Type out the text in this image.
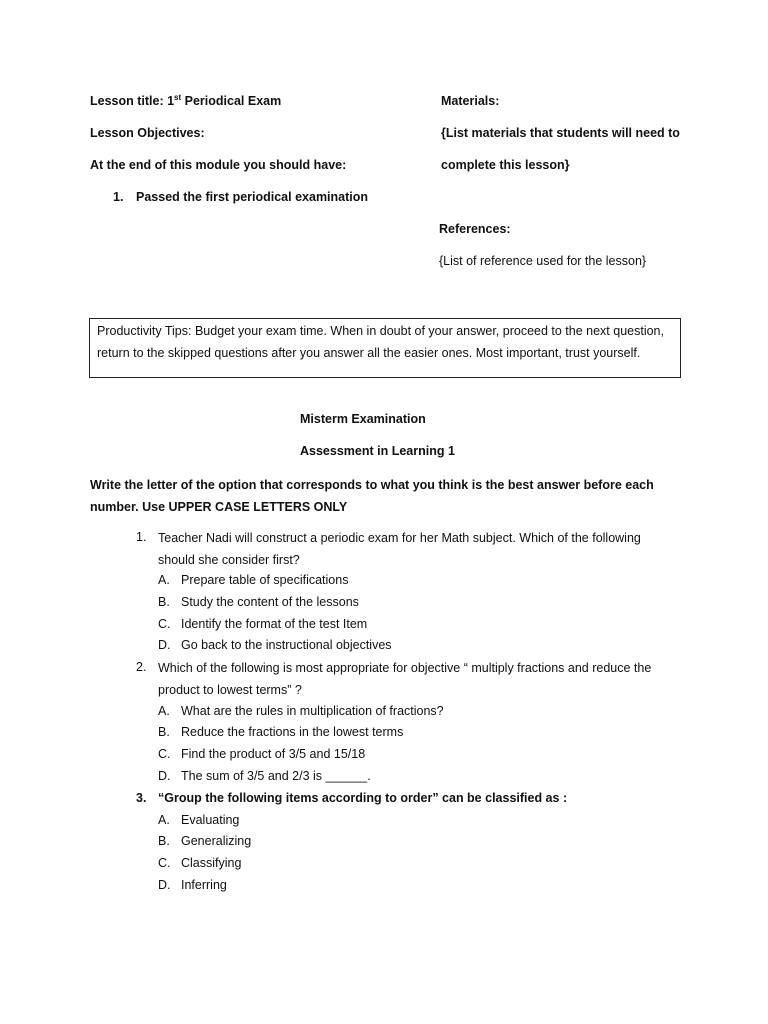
Lesson title: 1st Periodical Exam
Lesson Objectives:
At the end of this module you should have:
1. Passed the first periodical examination
Materials:
{List materials that students will need to
complete this lesson}
References:
{List of reference used for the lesson}
Productivity Tips: Budget your exam time. When in doubt of your answer, proceed to the next question, return to the skipped questions after you answer all the easier ones. Most important, trust yourself.
Misterm Examination
Assessment in Learning 1
Write the letter of the option that corresponds to what you think is the best answer before each number. Use UPPER CASE LETTERS ONLY
1. Teacher Nadi will construct a periodic exam for her Math subject. Which of the following should she consider first?
A. Prepare table of specifications
B. Study the content of the lessons
C. Identify the format of the test Item
D. Go back to the instructional objectives
2. Which of the following is most appropriate for objective “ multiply fractions and reduce the product to lowest terms” ?
A. What are the rules in multiplication of fractions?
B. Reduce the fractions in the lowest terms
C. Find the product of 3/5 and 15/18
D. The sum of 3/5 and 2/3 is ______.
3. “Group the following items according to order” can be classified as :
A. Evaluating
B. Generalizing
C. Classifying
D. Inferring
